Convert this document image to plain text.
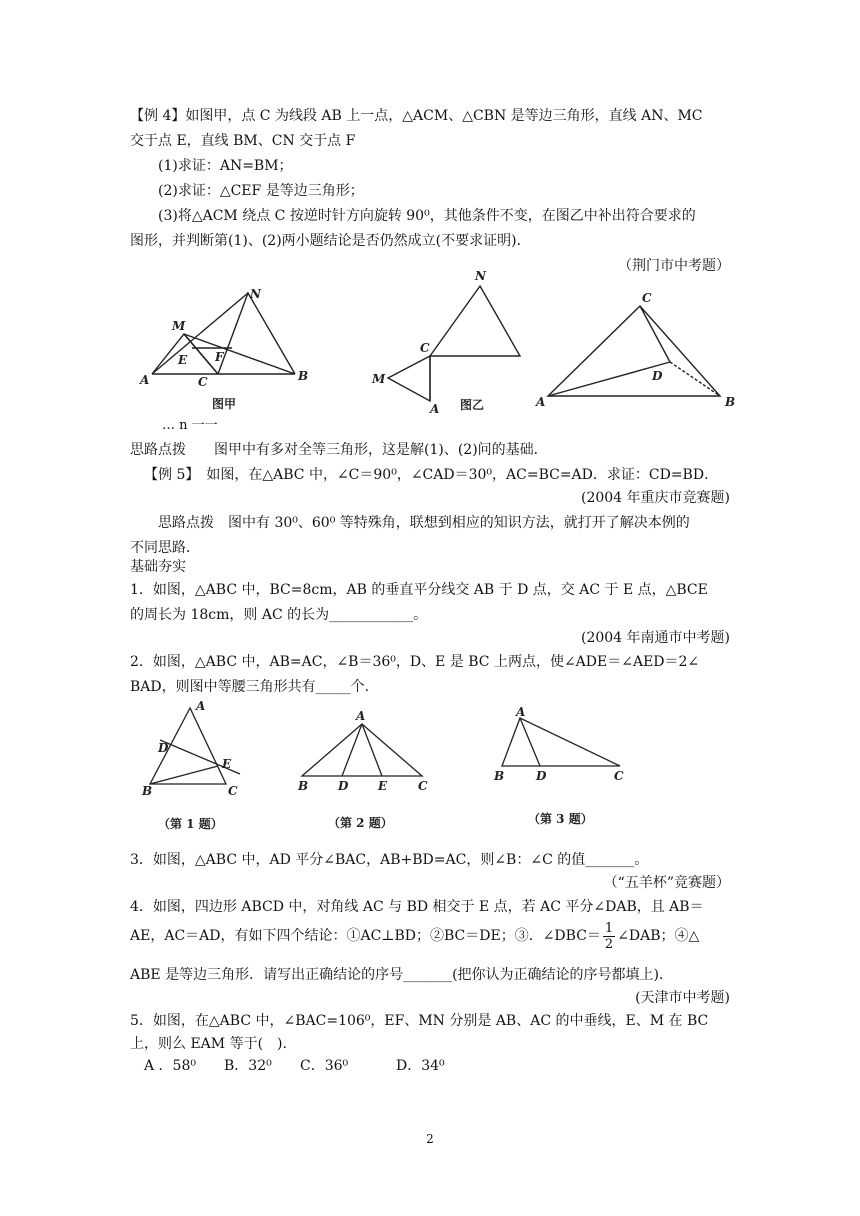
【例 4】如图甲，点 C 为线段 AB 上一点，△ACM、△CBN 是等边三角形，直线 AN、MC
交于点 E，直线 BM、CN 交于点 F
(1)求证：AN=BM；
(2)求证：△CEF 是等边三角形；
(3)将△ACM 绕点 C 按逆时针方向旋转 90⁰，其他条件不变，在图乙中补出符合要求的
图形，并判断第(1)、(2)两小题结论是否仍然成立(不要求证明)．
（荆门市中考题）
N
M
E F
A	C	B
图甲
N
C
M
A 图乙
C
D
A	B
… n 一一
思路点拨　　图甲中有多对全等三角形，这是解(1)、(2)问的基础．
【例 5】　如图，在△ABC 中，∠C＝90⁰，∠CAD＝30⁰，AC=BC=AD．求证：CD=BD．
(2004 年重庆市竞赛题)
思路点拨　图中有 30⁰、60⁰ 等特殊角，联想到相应的知识方法，就打开了解决本例的
不同思路．
基础夯实
1．如图，△ABC 中，BC=8cm，AB 的垂直平分线交 AB 于 D 点，交 AC 于 E 点，△BCE
的周长为 18cm，则 AC 的长为____________。
(2004 年南通市中考题)
2．如图，△ABC 中，AB=AC，∠B＝36⁰，D、E 是 BC 上两点，使∠ADE＝∠AED＝2∠
BAD，则图中等腰三角形共有_____个.
A
D
E
B	C
（第 1 题）
A
B D E	C
（第 2 题）
A
B	D	C
（第 3 题）
3．如图，△ABC 中，AD 平分∠BAC，AB+BD=AC，则∠B：∠C 的值_______。
（“五羊杯”竞赛题）
4．如图，四边形 ABCD 中，对角线 AC 与 BD 相交于 E 点，若 AC 平分∠DAB，且 AB＝
AE，AC＝AD，有如下四个结论：①AC⊥BD；②BC＝DE；③．∠DBC＝ $\frac{1}{2}$ ∠DAB；④△
ABE 是等边三角形．请写出正确结论的序号_______(把你认为正确结论的序号都填上)．
(天津市中考题)
5．如图，在△ABC 中，∠BAC=106⁰，EF、MN 分别是 AB、AC 的中垂线，E、M 在 BC
上，则么 EAM 等于(　).
A ．58⁰ B．32⁰ C．36⁰	D．34⁰
2
